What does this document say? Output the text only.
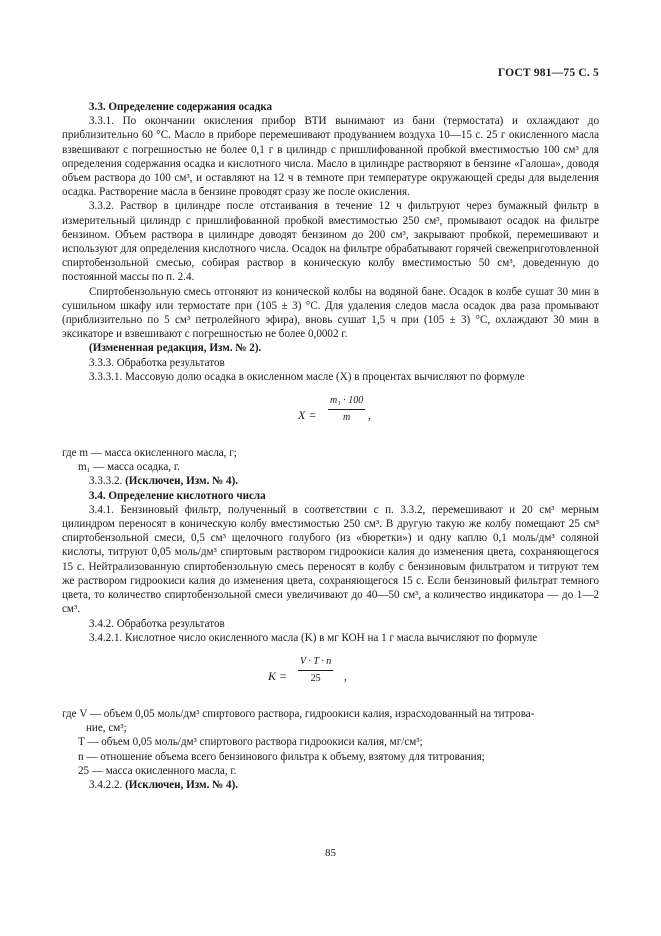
ГОСТ 981—75 С. 5

3.3. Определение содержания осадка

3.3.1. По окончании окисления прибор ВТИ вынимают из бани (термостата) и охлаждают до приблизительно 60 °С. Масло в приборе перемешивают продуванием воздуха 10—15 с. 25 г окисленного масла взвешивают с погрешностью не более 0,1 г в цилиндр с пришлифованной пробкой вместимостью 100 см³ для определения содержания осадка и кислотного числа. Масло в цилиндре растворяют в бензине «Галоша», доводя объем раствора до 100 см³, и оставляют на 12 ч в темноте при температуре окружающей среды для выделения осадка. Растворение масла в бензине проводят сразу же после окисления.

3.3.2. Раствор в цилиндре после отстаивания в течение 12 ч фильтруют через бумажный фильтр в измерительный цилиндр с пришлифованной пробкой вместимостью 250 см³, промывают осадок на фильтре бензином. Объем раствора в цилиндре доводят бензином до 200 см³, закрывают пробкой, перемешивают и используют для определения кислотного числа. Осадок на фильтре обрабатывают горячей свежеприготовленной спиртобензольной смесью, собирая раствор в коническую колбу вместимостью 50 см³, доведенную до постоянной массы по п. 2.4.

Спиртобензольную смесь отгоняют из конической колбы на водяной бане. Осадок в колбе сушат 30 мин в сушильном шкафу или термостате при (105 ± 3) °С. Для удаления следов масла осадок два раза промывают (приблизительно по 5 см³ петролейного эфира), вновь сушат 1,5 ч при (105 ± 3) °С, охлаждают 30 мин в эксикаторе и взвешивают с погрешностью не более 0,0002 г.

(Измененная редакция, Изм. № 2).

3.3.3. Обработка результатов

3.3.3.1. Массовую долю осадка в окисленном масле (X) в процентах вычисляют по формуле

$X = \frac{\text{m₁ · 100}}{m}$ ,

где m — масса окисленного масла, г;

m₁ — масса осадка, г.

3.3.3.2. (Исключен, Изм. № 4).

3.4. Определение кислотного числа

3.4.1. Бензиновый фильтр, полученный в соответствии с п. 3.3.2, перемешивают и 20 см³ мерным цилиндром переносят в коническую колбу вместимостью 250 см³. В другую такую же колбу помещают 25 см³ спиртобензольной смеси, 0,5 см³ щелочного голубого (из «бюретки») и одну каплю 0,1 моль/дм³ соляной кислоты, титруют 0,05 моль/дм³ спиртовым раствором гидроокиси калия до изменения цвета, сохраняющегося 15 с. Нейтрализованную спиртобензольную смесь переносят в колбу с бензиновым фильтратом и титруют тем же раствором гидроокиси калия до изменения цвета, сохраняющегося 15 с. Если бензиновый фильтрат темного цвета, то количество спиртобензольной смеси увеличивают до 40—50 см³, а количество индикатора — до 1—2 см³.

3.4.2. Обработка результатов

3.4.2.1. Кислотное число окисленного масла (K) в мг КОН на 1 г масла вычисляют по формуле

$K = \frac{V \cdot T \cdot n}{25}$ ,

где V — объем 0,05 моль/дм³ спиртового раствора, гидроокиси калия, израсходованный на титрова-
ние, см³;

T — объем 0,05 моль/дм³ спиртового раствора гидроокиси калия, мг/см³;

n — отношение объема всего бензинового фильтра к объему, взятому для титрования;

25 — масса окисленного масла, г.

3.4.2.2. (Исключен, Изм. № 4).

85
